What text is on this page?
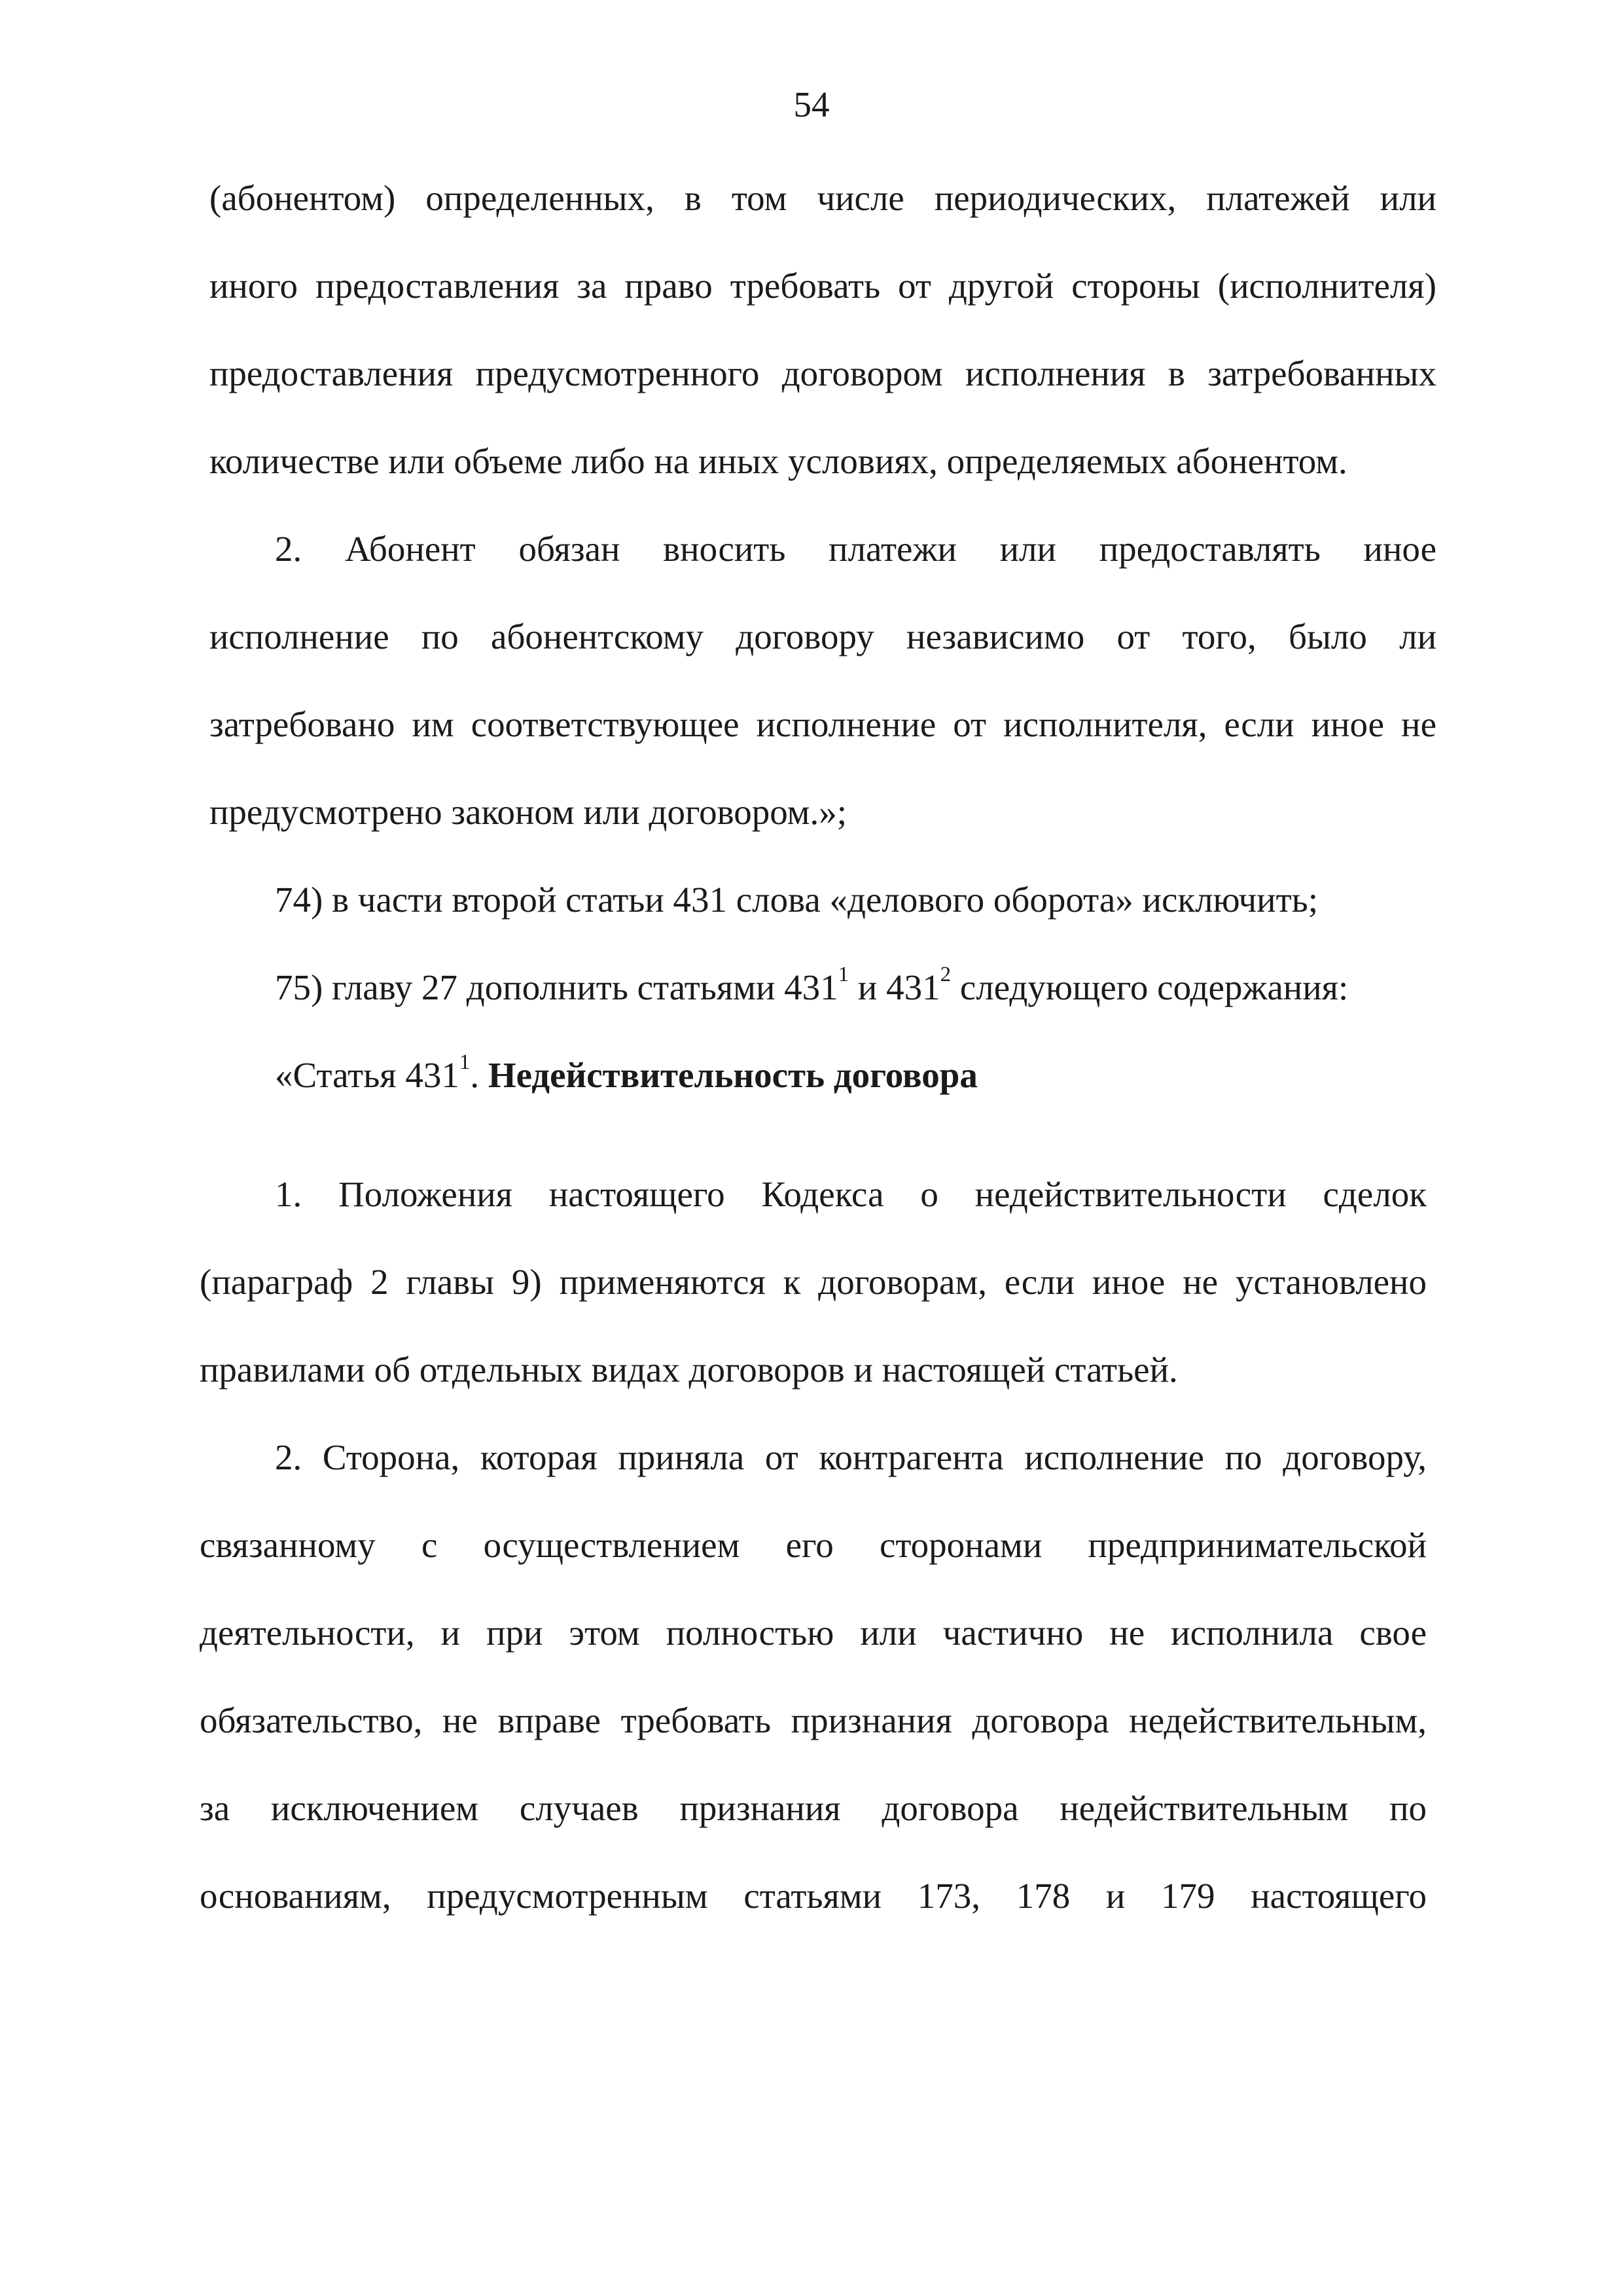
54
(абонентом) определенных, в том числе периодических, платежей или
иного предоставления за право требовать от другой стороны (исполнителя)
предоставления предусмотренного договором исполнения в затребованных
количестве или объеме либо на иных условиях, определяемых абонентом.
2. Абонент обязан вносить платежи или предоставлять иное
исполнение по абонентскому договору независимо от того, было ли
затребовано им соответствующее исполнение от исполнителя, если иное не
предусмотрено законом или договором.»;
74) в части второй статьи 431 слова «делового оборота» исключить;
75) главу 27 дополнить статьями $431^1$ и $431^2$ следующего содержания:
«Статья $431^1$. Недействительность договора
1. Положения настоящего Кодекса о недействительности сделок
(параграф 2 главы 9) применяются к договорам, если иное не установлено
правилами об отдельных видах договоров и настоящей статьей.
2. Сторона, которая приняла от контрагента исполнение по договору,
связанному с осуществлением его сторонами предпринимательской
деятельности, и при этом полностью или частично не исполнила свое
обязательство, не вправе требовать признания договора недействительным,
за исключением случаев признания договора недействительным по
основаниям, предусмотренным статьями 173, 178 и 179 настоящего
